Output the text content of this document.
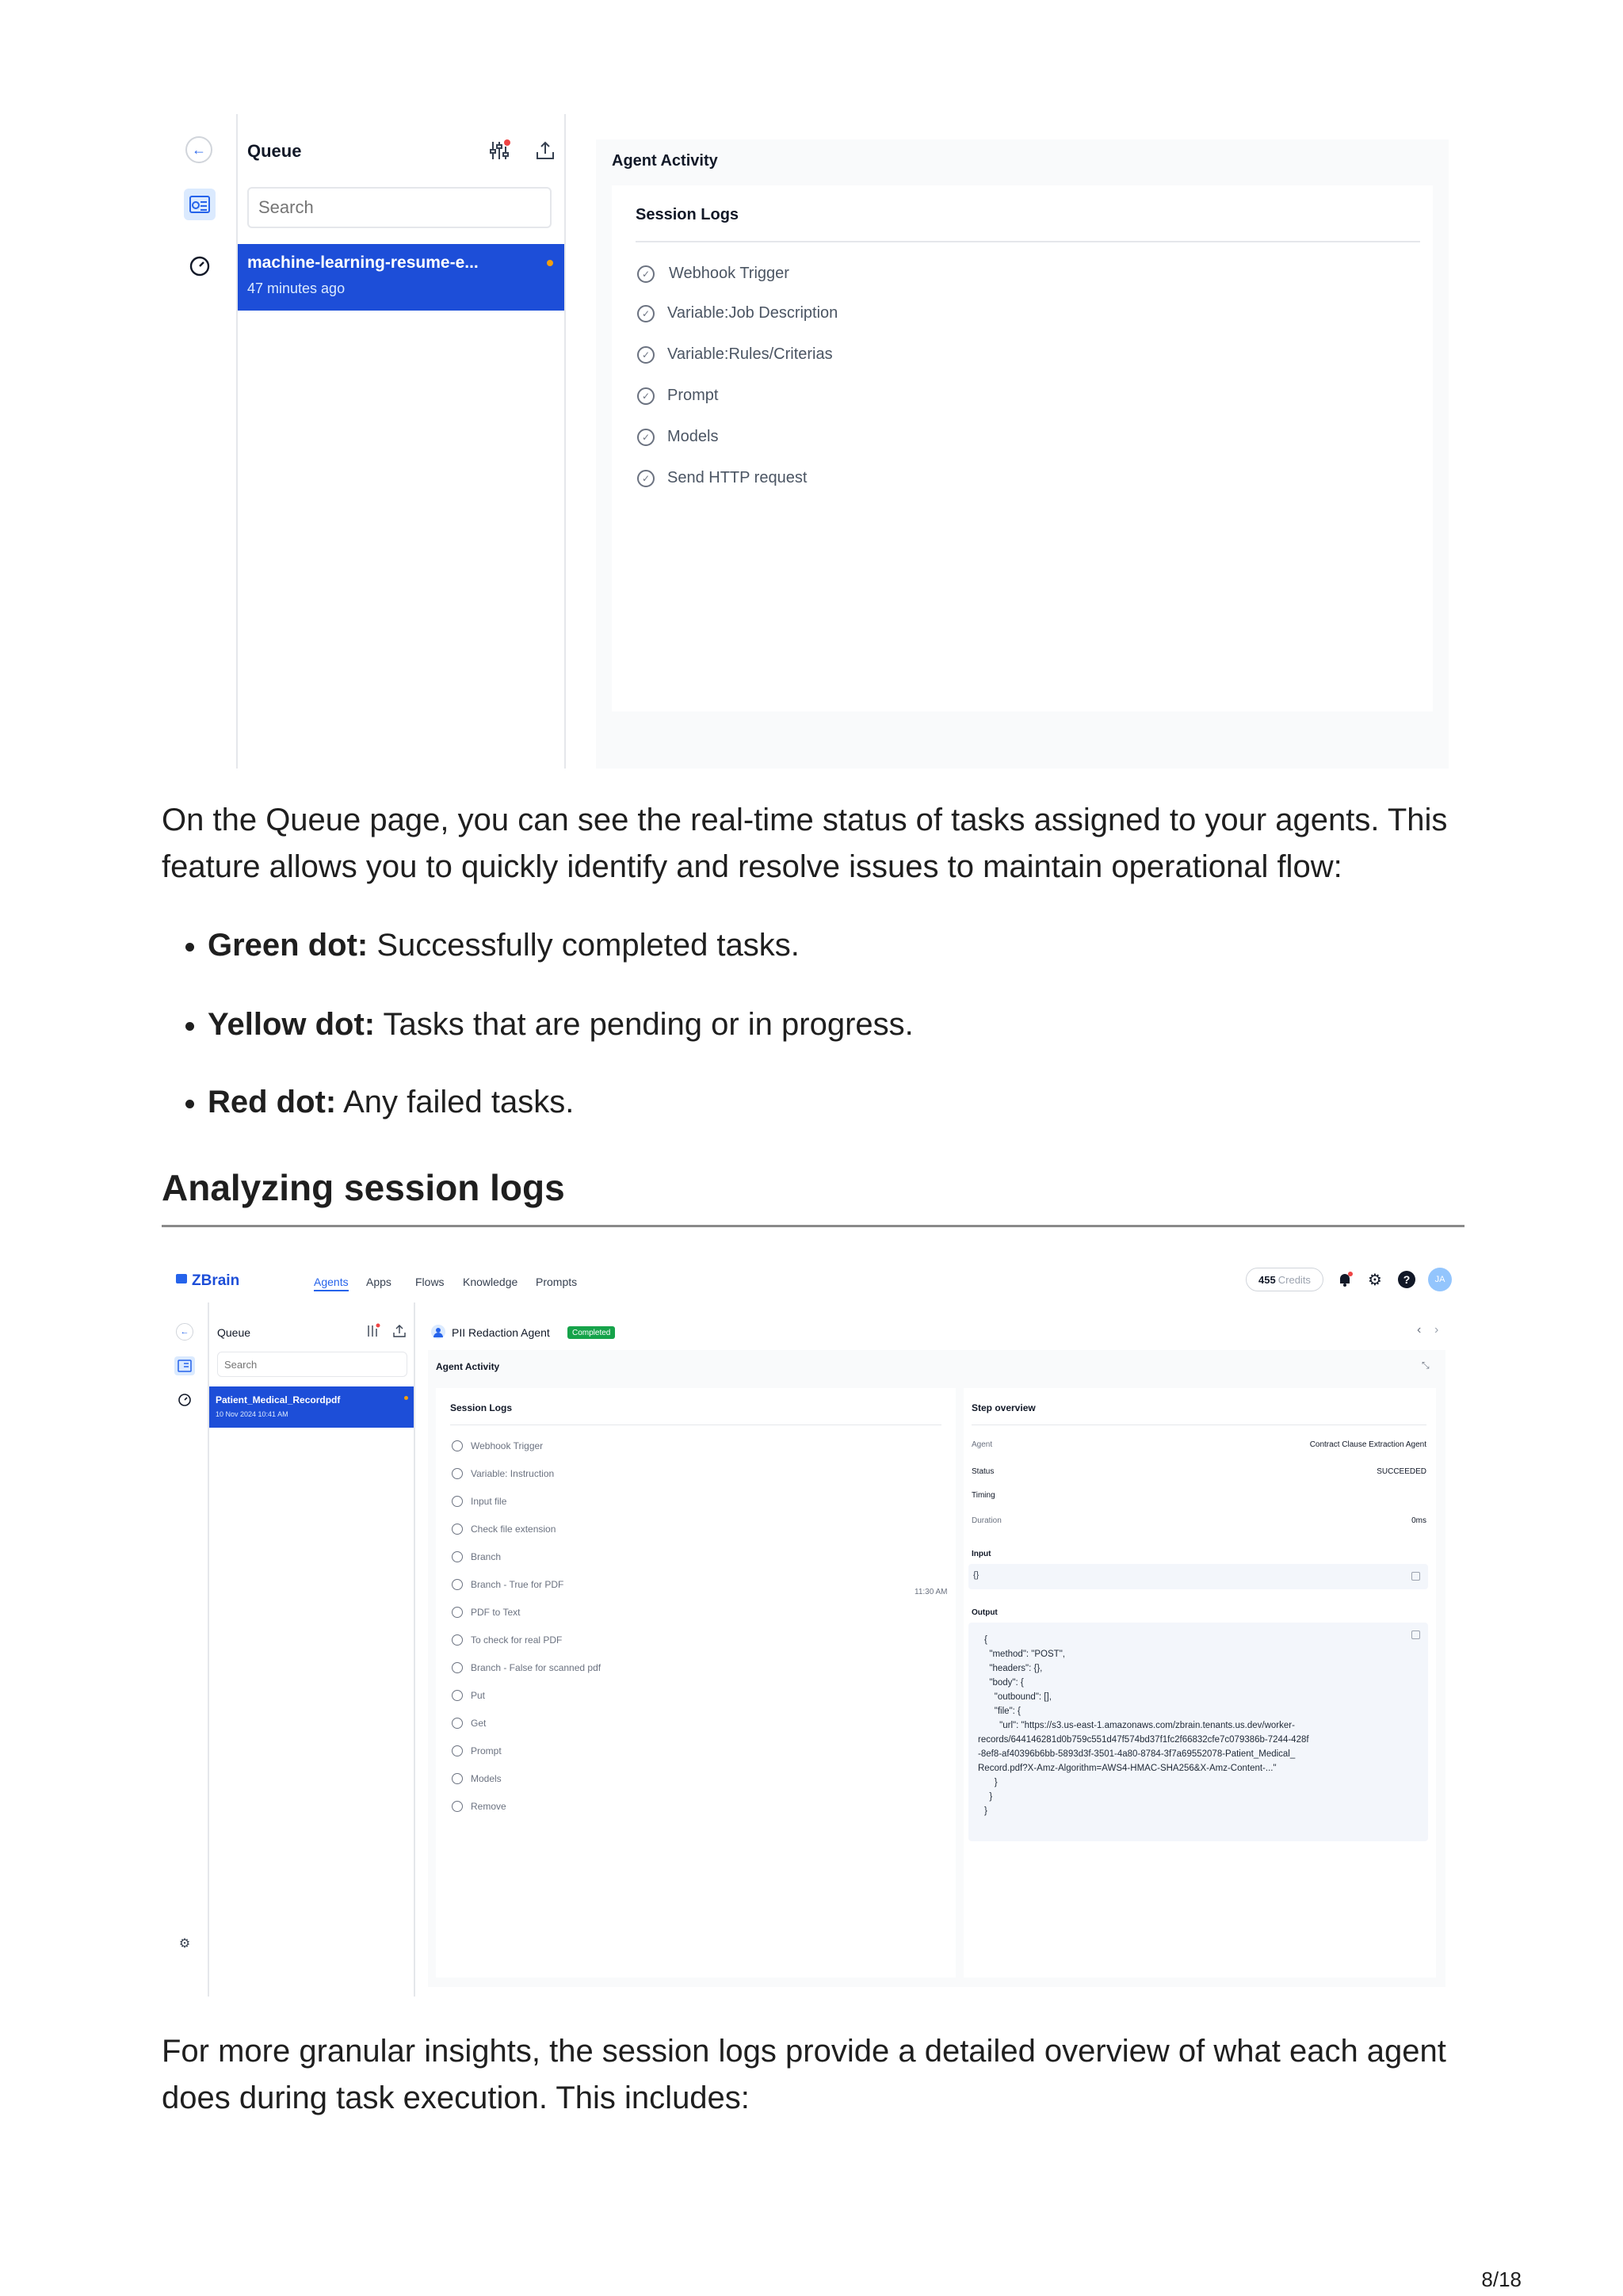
←	Queue
Search
machine-learning-resume-e...
47 minutes ago
Agent Activity
Session Logs
✓ Webhook Trigger
✓ Variable:Job Description
✓ Variable:Rules/Criterias
✓ Prompt
✓ Models
✓ Send HTTP request
On the Queue page, you can see the real-time status of tasks assigned to your agents. This feature allows you to quickly identify and resolve issues to maintain operational flow:
Green dot: Successfully completed tasks.
Yellow dot: Tasks that are pending or in progress.
Red dot: Any failed tasks.
Analyzing session logs
ZBrain	Agents Apps Flows Knowledge Prompts	455 Credits	⚙	?	JA
←
⚙
Queue
Search
Patient_Medical_Recordpdf
10 Nov 2024 10:41 AM
PII Redaction Agent	Completed	‹ ›
Agent Activity	⤡
Session Logs
Webhook Trigger
Variable: Instruction
Input file
Check file extension
Branch
Branch - True for PDF
PDF to Text
To check for real PDF
Branch - False for scanned pdf
Put
Get
Prompt
Models
Remove
11:30 AM
Step overview
Agent	Contract Clause Extraction Agent
Status	SUCCEEDED
Timing
Duration	0ms
Input
{}
Output
{
"method": "POST",
"headers": {},
"body": {
"outbound": [],
"file": {
"url": "https://s3.us-east-1.amazonaws.com/zbrain.tenants.us.dev/worker-
records/644146281d0b759c551d47f574bd37f1fc2f66832cfe7c079386b-7244-428f
-8ef8-af40396b6bb-5893d3f-3501-4a80-8784-3f7a69552078-Patient_Medical_
Record.pdf?X-Amz-Algorithm=AWS4-HMAC-SHA256&X-Amz-Content-..."
}
}
}
For more granular insights, the session logs provide a detailed overview of what each agent does during task execution. This includes:
8/18
